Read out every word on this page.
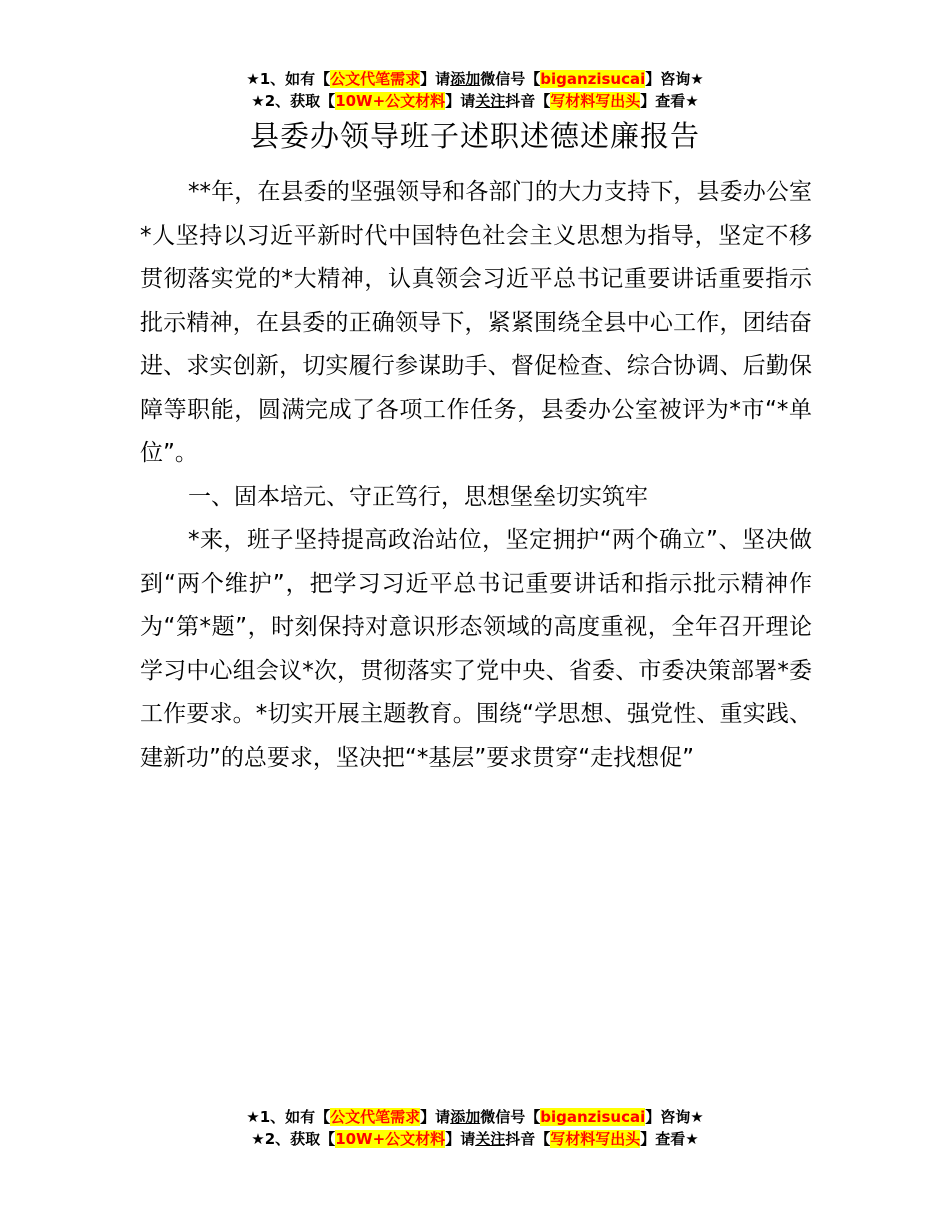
★1、如有【公文代笔需求】请添加微信号【biganzisucai】咨询★
★2、获取【10W+公文材料】请关注抖音【写材料写出头】查看★
县委办领导班子述职述德述廉报告

**年，在县委的坚强领导和各部门的大力支持下，县委办公室*人坚持以习近平新时代中国特色社会主义思想为指导，坚定不移贯彻落实党的*大精神，认真领会习近平总书记重要讲话重要指示批示精神，在县委的正确领导下，紧紧围绕全县中心工作，团结奋进、求实创新，切实履行参谋助手、督促检查、综合协调、后勤保障等职能，圆满完成了各项工作任务，县委办公室被评为*市“*单位”。

一、固本培元、守正笃行，思想堡垒切实筑牢

*来，班子坚持提高政治站位，坚定拥护“两个确立”、坚决做到“两个维护”，把学习习近平总书记重要讲话和指示批示精神作为“第*题”，时刻保持对意识形态领域的高度重视，全年召开理论学习中心组会议*次，贯彻落实了党中央、省委、市委决策部署*委工作要求。*切实开展主题教育。围绕“学思想、强党性、重实践、建新功”的总要求，坚决把“*基层”要求贯穿“走找想促”

★1、如有【公文代笔需求】请添加微信号【biganzisucai】咨询★
★2、获取【10W+公文材料】请关注抖音【写材料写出头】查看★
